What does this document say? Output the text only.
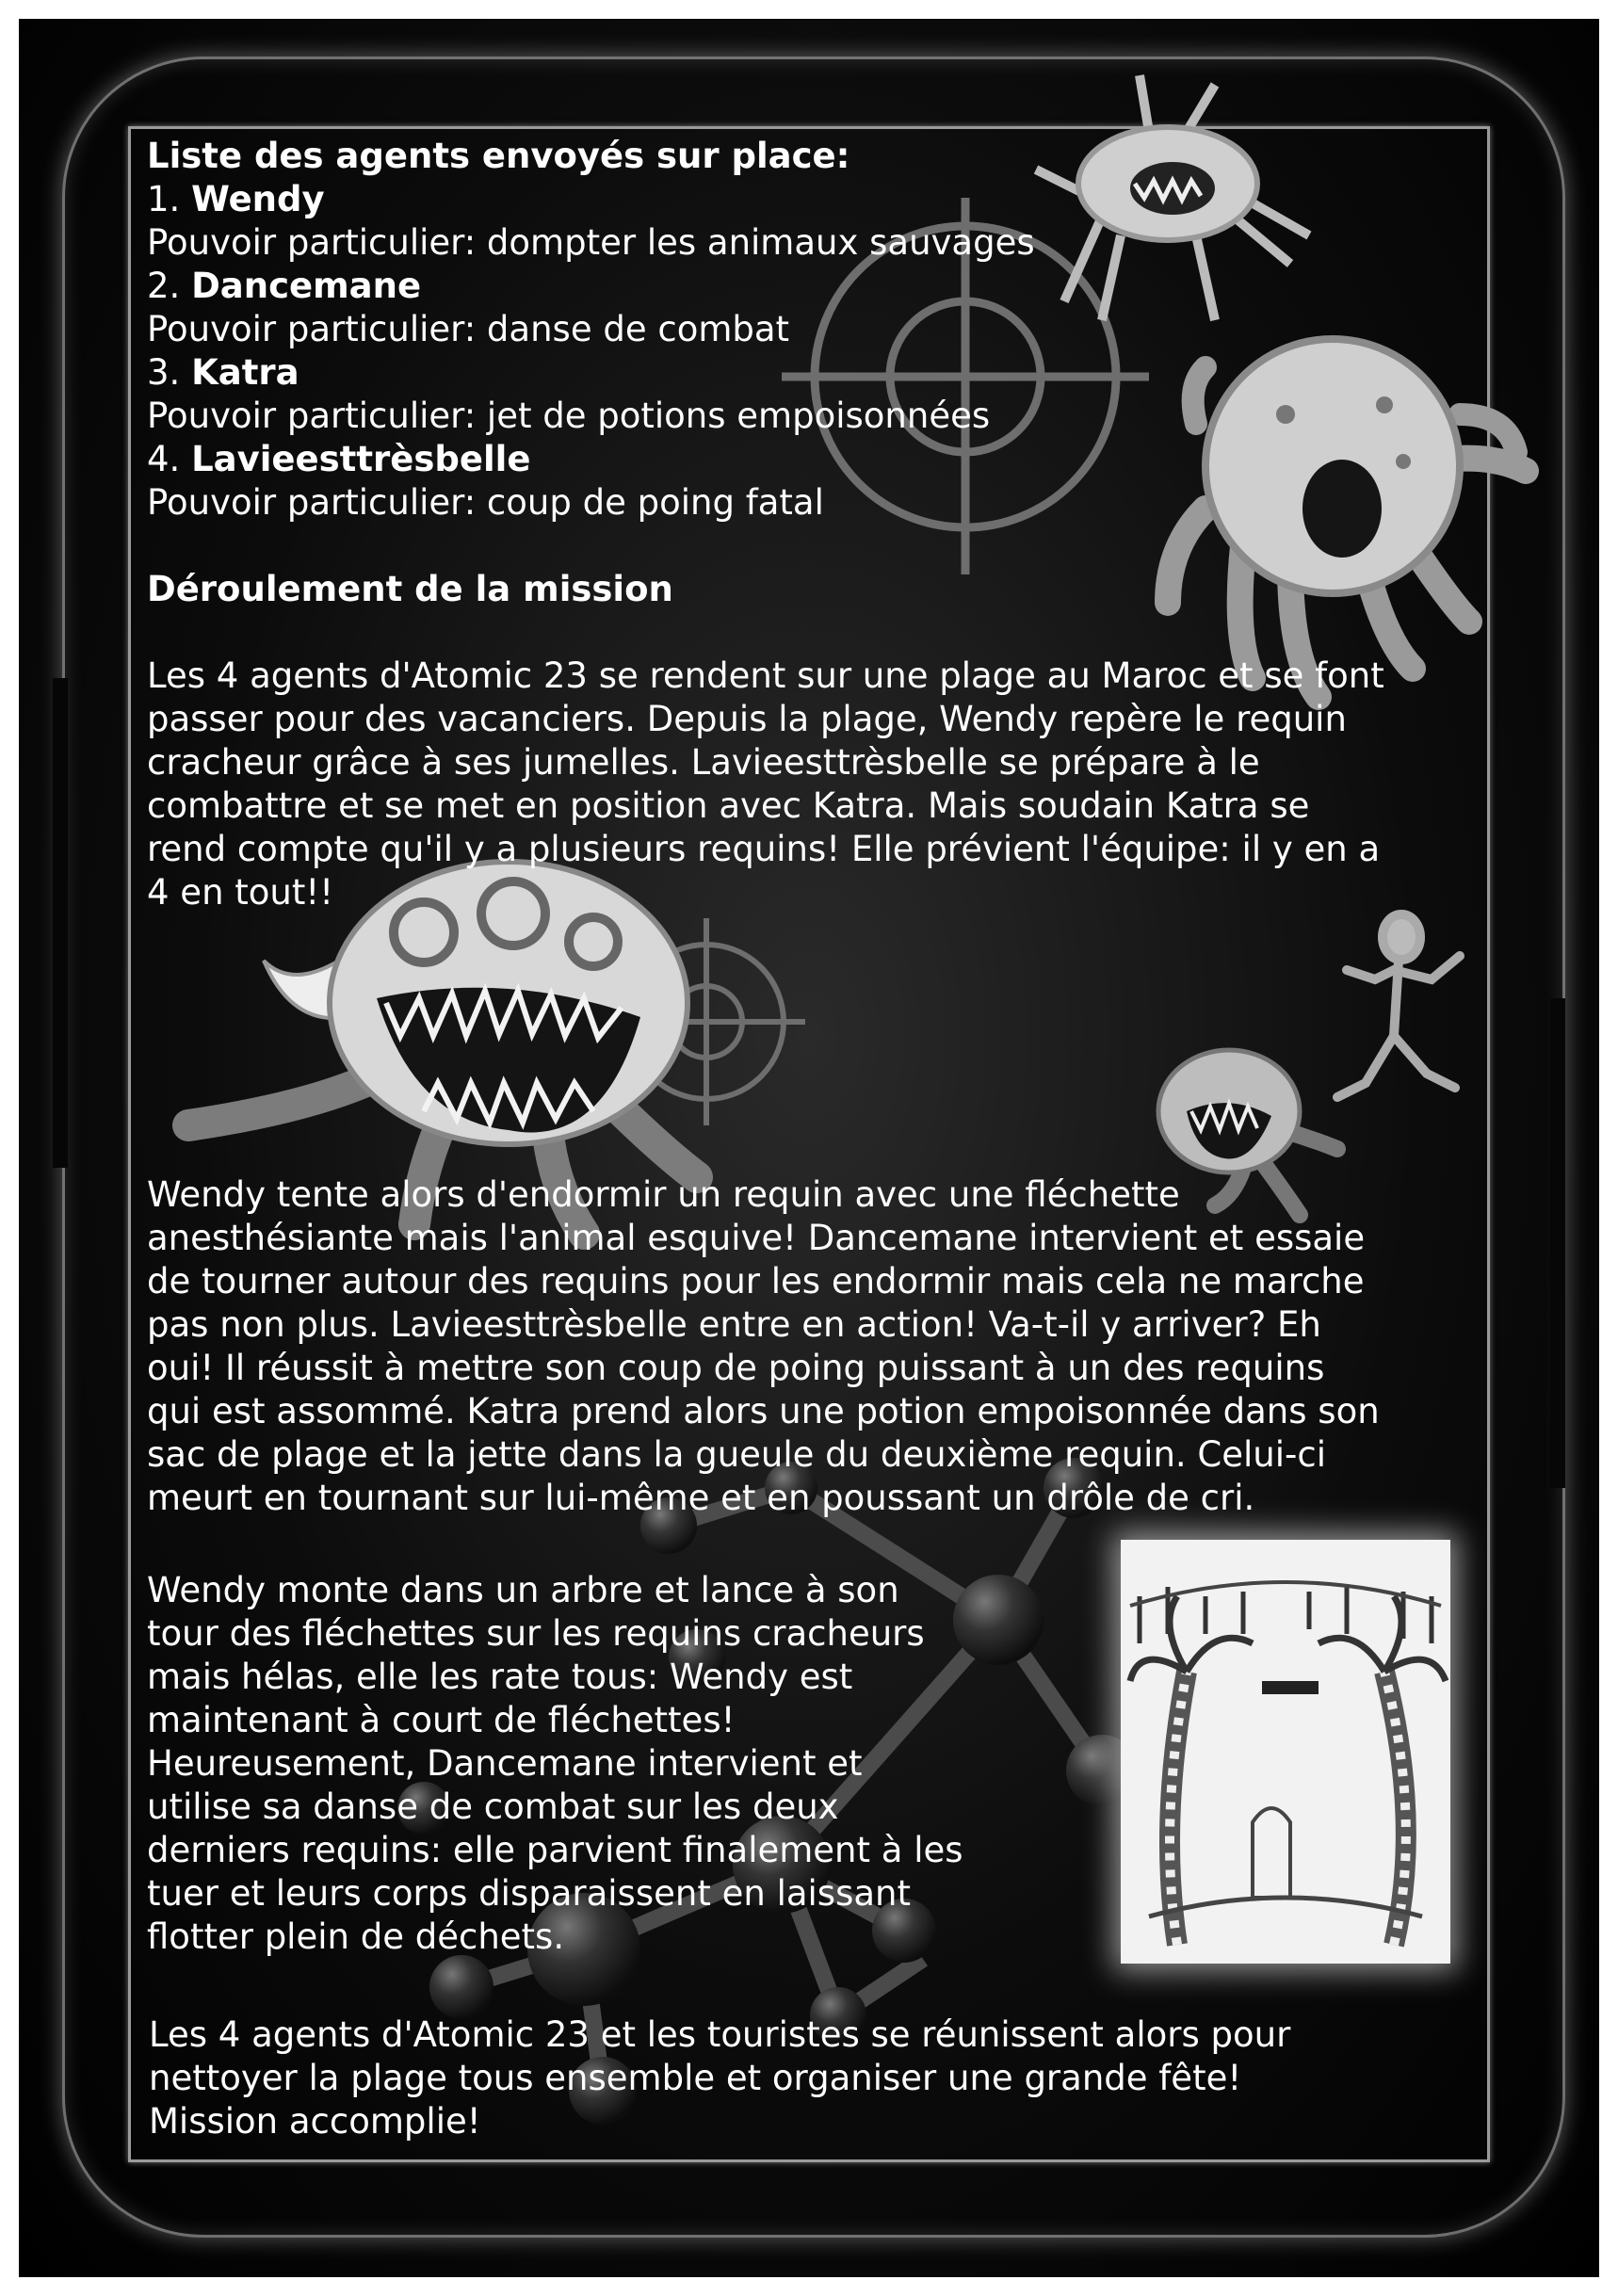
Liste des agents envoyés sur place:
1. Wendy
Pouvoir particulier: dompter les animaux sauvages
2. Dancemane
Pouvoir particulier: danse de combat
3. Katra
Pouvoir particulier: jet de potions empoisonnées
4. Lavieesttrèsbelle
Pouvoir particulier: coup de poing fatal
Déroulement de la mission
Les 4 agents d'Atomic 23 se rendent sur une plage au Maroc et se font
passer pour des vacanciers. Depuis la plage, Wendy repère le requin
cracheur grâce à ses jumelles. Lavieesttrèsbelle se prépare à le
combattre et se met en position avec Katra. Mais soudain Katra se
rend compte qu'il y a plusieurs requins! Elle prévient l'équipe: il y en a
4 en tout!!
Wendy tente alors d'endormir un requin avec une fléchette
anesthésiante mais l'animal esquive! Dancemane intervient et essaie
de tourner autour des requins pour les endormir mais cela ne marche
pas non plus. Lavieesttrèsbelle entre en action! Va-t-il y arriver? Eh
oui! Il réussit à mettre son coup de poing puissant à un des requins
qui est assommé. Katra prend alors une potion empoisonnée dans son
sac de plage et la jette dans la gueule du deuxième requin. Celui-ci
meurt en tournant sur lui-même et en poussant un drôle de cri.
Wendy monte dans un arbre et lance à son
tour des fléchettes sur les requins cracheurs
mais hélas, elle les rate tous: Wendy est
maintenant à court de fléchettes!
Heureusement, Dancemane intervient et
utilise sa danse de combat sur les deux
derniers requins: elle parvient finalement à les
tuer et leurs corps disparaissent en laissant
flotter plein de déchets.
Les 4 agents d'Atomic 23 et les touristes se réunissent alors pour
nettoyer la plage tous ensemble et organiser une grande fête!
Mission accomplie!
